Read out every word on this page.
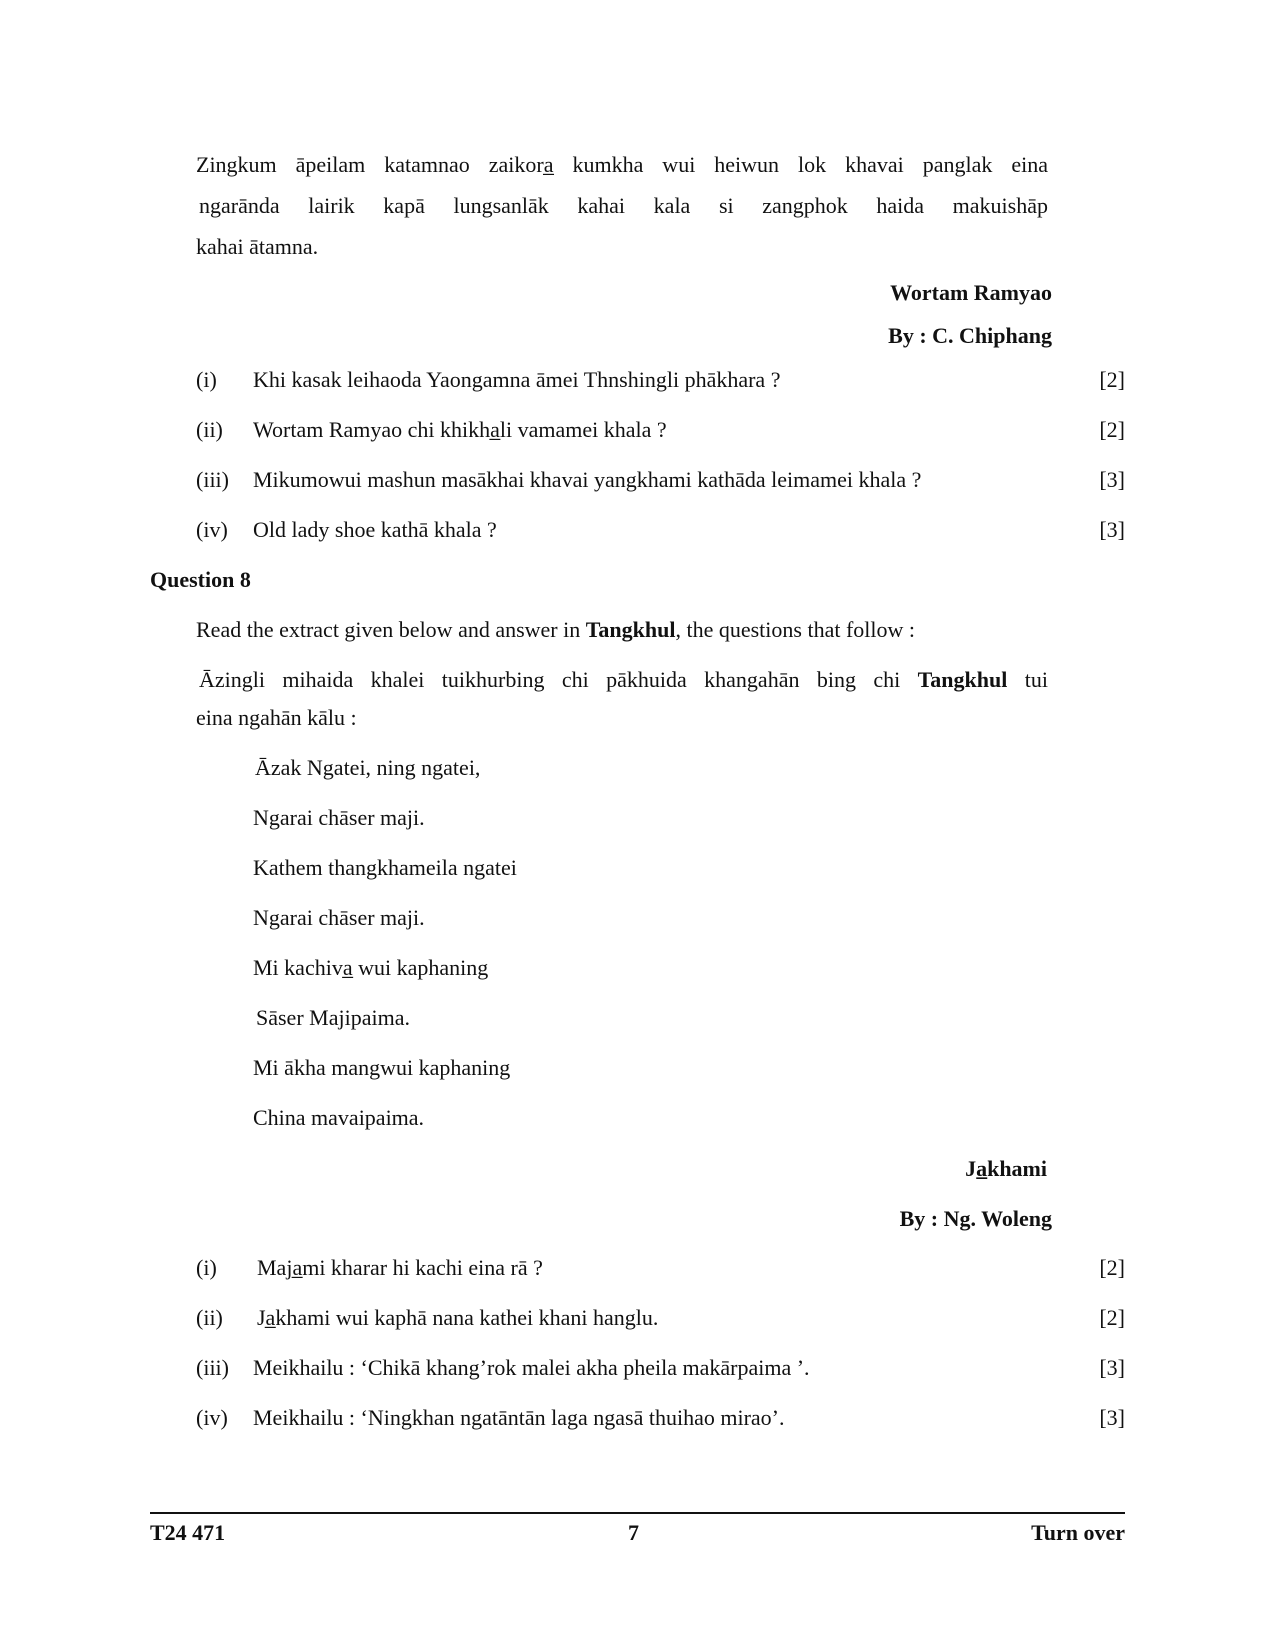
Zingkum āpeilam katamnao zaikora̲ kumkha wui heiwun lok khavai panglak eina
ngarānda lairik kapā lungsanlāk kahai kala si zangphok haida makuishāp
kahai ātamna.
Wortam Ramyao
By : C. Chiphang
(i) Khi kasak leihaoda Yaongamna āmei Thnshingli phākhara ?	[2]
(ii) Wortam Ramyao chi khikha̲li vamamei khala ?	[2]
(iii) Mikumowui mashun masākhai khavai yangkhami kathāda leimamei khala ?	[3]
(iv) Old lady shoe kathā khala ?	[3]
Question 8
Read the extract given below and answer in Tangkhul, the questions that follow :
Āzingli mihaida khalei tuikhurbing chi pākhuida khangahān bing chi Tangkhul tui
eina ngahān kālu :
Āzak Ngatei, ning ngatei,
Ngarai chāser maji.
Kathem thangkhameila ngatei
Ngarai chāser maji.
Mi kachiva̲ wui kaphaning
Sāser Majipaima.
Mi ākha mangwui kaphaning
China mavaipaima.
Ja̲khami
By : Ng. Woleng
(i) Maja̲mi kharar hi kachi eina rā ?	[2]
(ii) Ja̲khami wui kaphā nana kathei khani hanglu.	[2]
(iii) Meikhailu : ‘Chikā khang’rok malei akha pheila makārpaima ’.	[3]
(iv) Meikhailu : ‘Ningkhan ngatāntān laga ngasā thuihao mirao’.	[3]
T24 471	7	Turn over
